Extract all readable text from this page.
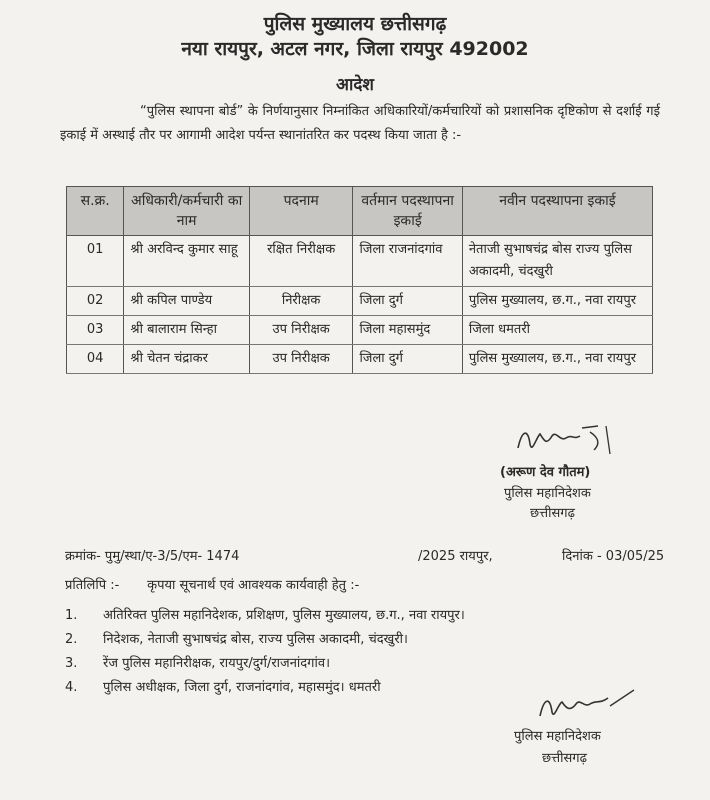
पुलिस मुख्यालय छत्तीसगढ़
नया रायपुर, अटल नगर, जिला रायपुर 492002
आदेश
“पुलिस स्थापना बोर्ड” के निर्णयानुसार निम्नांकित अधिकारियों/कर्मचारियों को प्रशासनिक दृष्टिकोण से दर्शाई गई इकाई में अस्थाई तौर पर आगामी आदेश पर्यन्त स्थानांतरित कर पदस्थ किया जाता है :-
स.क्र.	अधिकारी/कर्मचारी का नाम	पदनाम	वर्तमान पदस्थापना इकाई	नवीन पदस्थापना इकाई
01	श्री अरविन्द कुमार साहू	रक्षित निरीक्षक	जिला राजनांदगांव	नेताजी सुभाषचंद्र बोस राज्य पुलिस अकादमी, चंदखुरी
02	श्री कपिल पाण्डेय	निरीक्षक	जिला दुर्ग	पुलिस मुख्यालय, छ.ग., नवा रायपुर
03	श्री बालाराम सिन्हा	उप निरीक्षक	जिला महासमुंद	जिला धमतरी
04	श्री चेतन चंद्राकर	उप निरीक्षक	जिला दुर्ग	पुलिस मुख्यालय, छ.ग., नवा रायपुर
(अरूण देव गौतम)
पुलिस महानिदेशक
छत्तीसगढ़
क्रमांक- पुमु/स्था/ए-3/5/एम- 1474	/2025 रायपुर,	दिनांक - 03/05/25
प्रतिलिपि :- कृपया सूचनार्थ एवं आवश्यक कार्यवाही हेतु :-
1. अतिरिक्त पुलिस महानिदेशक, प्रशिक्षण, पुलिस मुख्यालय, छ.ग., नवा रायपुर।
2. निदेशक, नेताजी सुभाषचंद्र बोस, राज्य पुलिस अकादमी, चंदखुरी।
3. रेंज पुलिस महानिरीक्षक, रायपुर/दुर्ग/राजनांदगांव।
4. पुलिस अधीक्षक, जिला दुर्ग, राजनांदगांव, महासमुंद। धमतरी
पुलिस महानिदेशक
छत्तीसगढ़
